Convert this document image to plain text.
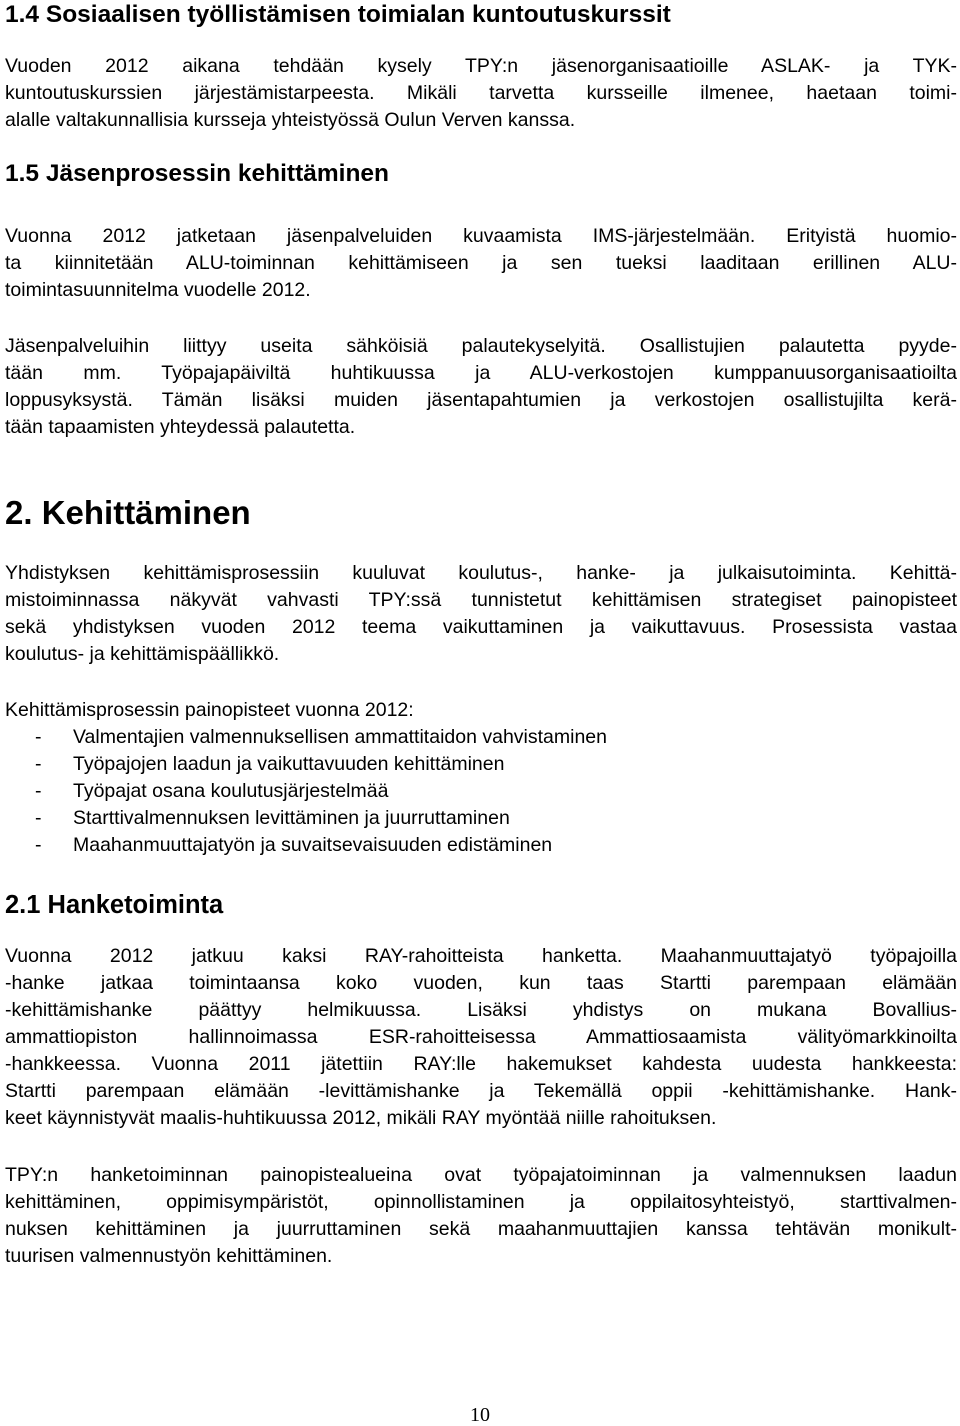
1.4 Sosiaalisen työllistämisen toimialan kuntoutuskurssit
Vuoden 2012 aikana tehdään kysely TPY:n jäsenorganisaatioille ASLAK- ja TYK-
kuntoutuskurssien järjestämistarpeesta. Mikäli tarvetta kursseille ilmenee, haetaan toimi-
alalle valtakunnallisia kursseja yhteistyössä Oulun Verven kanssa.
1.5 Jäsenprosessin kehittäminen
Vuonna 2012 jatketaan jäsenpalveluiden kuvaamista IMS-järjestelmään. Erityistä huomio-
ta kiinnitetään ALU-toiminnan kehittämiseen ja sen tueksi laaditaan erillinen ALU-
toimintasuunnitelma vuodelle 2012.
Jäsenpalveluihin liittyy useita sähköisiä palautekyselyitä. Osallistujien palautetta pyyde-
tään mm. Työpajapäiviltä huhtikuussa ja ALU-verkostojen kumppanuusorganisaatioilta
loppusyksystä. Tämän lisäksi muiden jäsentapahtumien ja verkostojen osallistujilta kerä-
tään tapaamisten yhteydessä palautetta.
2. Kehittäminen
Yhdistyksen kehittämisprosessiin kuuluvat koulutus-, hanke- ja julkaisutoiminta. Kehittä-
mistoiminnassa näkyvät vahvasti TPY:ssä tunnistetut kehittämisen strategiset painopisteet
sekä yhdistyksen vuoden 2012 teema vaikuttaminen ja vaikuttavuus. Prosessista vastaa
koulutus- ja kehittämispäällikkö.
Kehittämisprosessin painopisteet vuonna 2012:
- Valmentajien valmennuksellisen ammattitaidon vahvistaminen
- Työpajojen laadun ja vaikuttavuuden kehittäminen
- Työpajat osana koulutusjärjestelmää
- Starttivalmennuksen levittäminen ja juurruttaminen
- Maahanmuuttajatyön ja suvaitsevaisuuden edistäminen
2.1 Hanketoiminta
Vuonna 2012 jatkuu kaksi RAY-rahoitteista hanketta. Maahanmuuttajatyö työpajoilla
-hanke jatkaa toimintaansa koko vuoden, kun taas Startti parempaan elämään
-kehittämishanke päättyy helmikuussa. Lisäksi yhdistys on mukana Bovallius-
ammattiopiston hallinnoimassa ESR-rahoitteisessa Ammattiosaamista välityömarkkinoilta
-hankkeessa. Vuonna 2011 jätettiin RAY:lle hakemukset kahdesta uudesta hankkeesta:
Startti parempaan elämään -levittämishanke ja Tekemällä oppii -kehittämishanke. Hank-
keet käynnistyvät maalis-huhtikuussa 2012, mikäli RAY myöntää niille rahoituksen.
TPY:n hanketoiminnan painopistealueina ovat työpajatoiminnan ja valmennuksen laadun
kehittäminen, oppimisympäristöt, opinnollistaminen ja oppilaitosyhteistyö, starttivalmen-
nuksen kehittäminen ja juurruttaminen sekä maahanmuuttajien kanssa tehtävän monikult-
tuurisen valmennustyön kehittäminen.
10
